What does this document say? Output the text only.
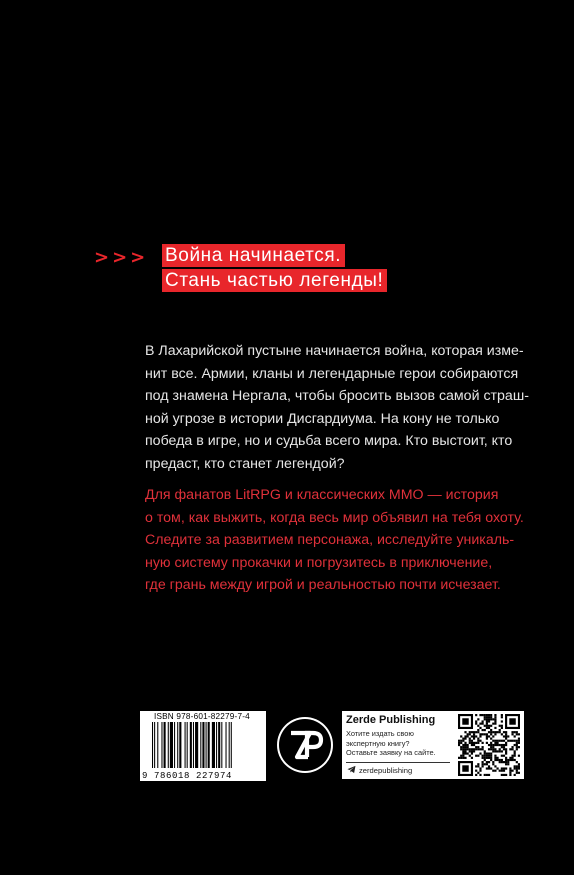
>>> Война начинается.
Стань частью легенды!

В Лахарийской пустыне начинается война, которая изме-
нит все. Армии, кланы и легендарные герои собираются
под знамена Нергала, чтобы бросить вызов самой страш-
ной угрозе в истории Дисгардиума. На кону не только
победа в игре, но и судьба всего мира. Кто выстоит, кто
предаст, кто станет легендой?

Для фанатов LitRPG и классических MMO — история
о том, как выжить, когда весь мир объявил на тебя охоту.
Следите за развитием персонажа, исследуйте уникаль-
ную систему прокачки и погрузитесь в приключение,
где грань между игрой и реальностью почти исчезает.

ISBN 978-601-82279-7-4
9 786018 227974
Zerde Publishing
Хотите издать свою
экспертную книгу?
Оставьте заявку на сайте.
zerdepublishing
